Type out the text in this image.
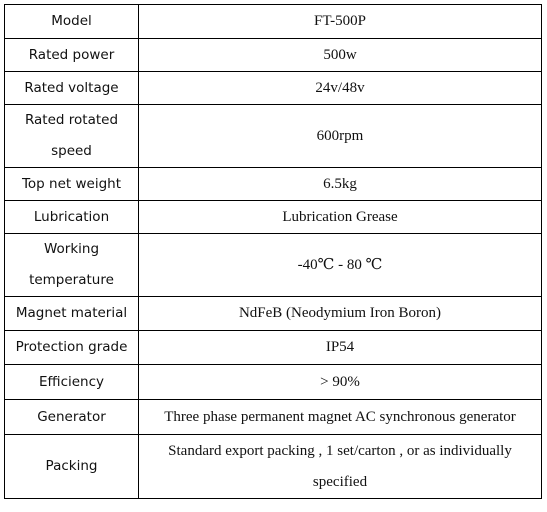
Model	FT-500P
Rated power	500w
Rated voltage	24v/48v
Rated rotated speed	600rpm
Top net weight	6.5kg
Lubrication	Lubrication Grease
Working temperature	-40℃ - 80 ℃
Magnet material	NdFeB (Neodymium Iron Boron)
Protection grade	IP54
Efficiency	> 90%
Generator	Three phase permanent magnet AC synchronous generator
Packing	Standard export packing , 1 set/carton , or as individually specified
